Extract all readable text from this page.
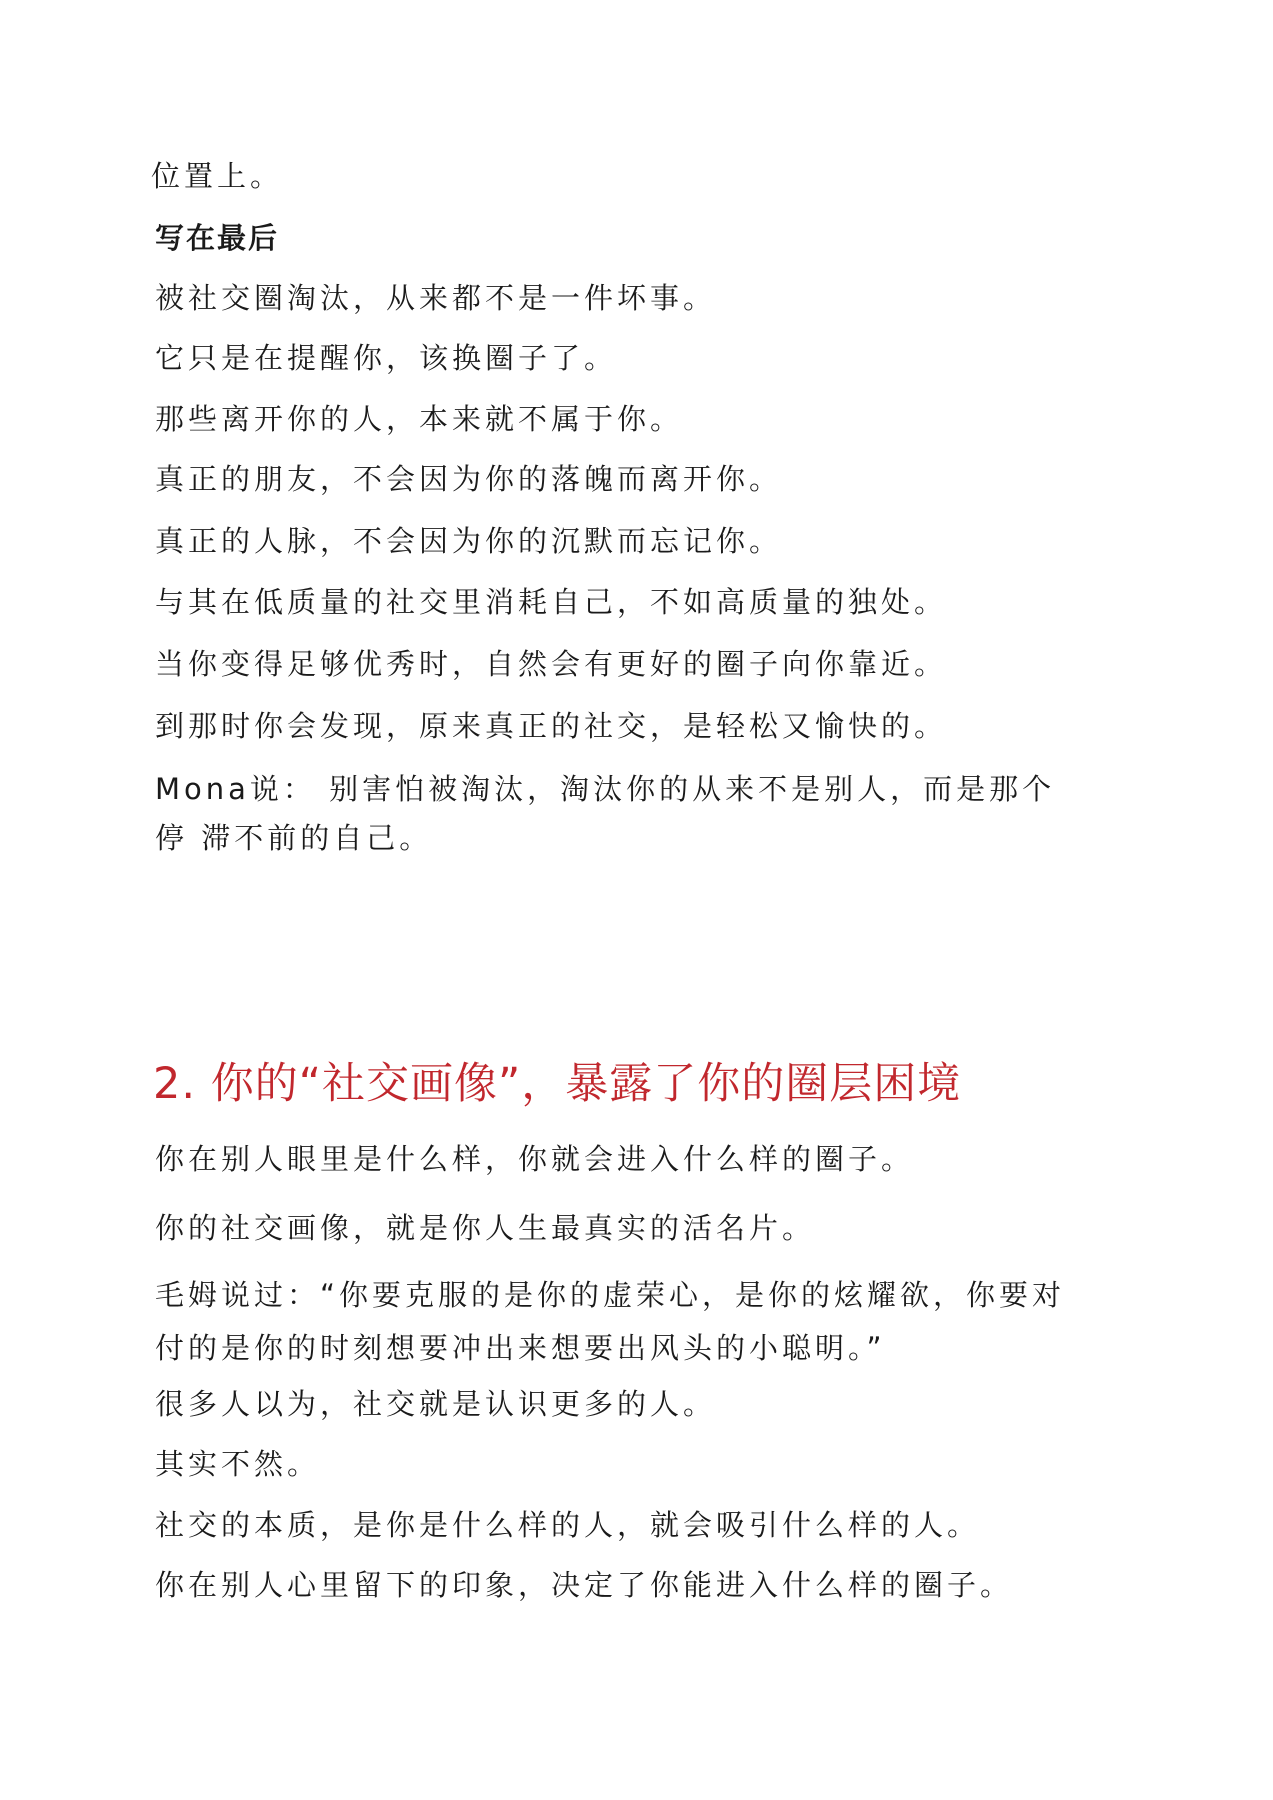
位置上。
写在最后
被社交圈淘汰，从来都不是一件坏事。
它只是在提醒你，该换圈子了。
那些离开你的人，本来就不属于你。
真正的朋友，不会因为你的落魄而离开你。
真正的人脉，不会因为你的沉默而忘记你。
与其在低质量的社交里消耗自己，不如高质量的独处。
当你变得足够优秀时，自然会有更好的圈子向你靠近。
到那时你会发现，原来真正的社交，是轻松又愉快的。
Mona说： 别害怕被淘汰，淘汰你的从来不是别人，而是那个
停 滞不前的自己。
2. 你的“社交画像”，暴露了你的圈层困境
你在别人眼里是什么样，你就会进入什么样的圈子。
你的社交画像，就是你人生最真实的活名片。
毛姆说过：“你要克服的是你的虚荣心，是你的炫耀欲，你要对
付的是你的时刻想要冲出来想要出风头的小聪明。”
很多人以为，社交就是认识更多的人。
其实不然。
社交的本质，是你是什么样的人，就会吸引什么样的人。
你在别人心里留下的印象，决定了你能进入什么样的圈子。
